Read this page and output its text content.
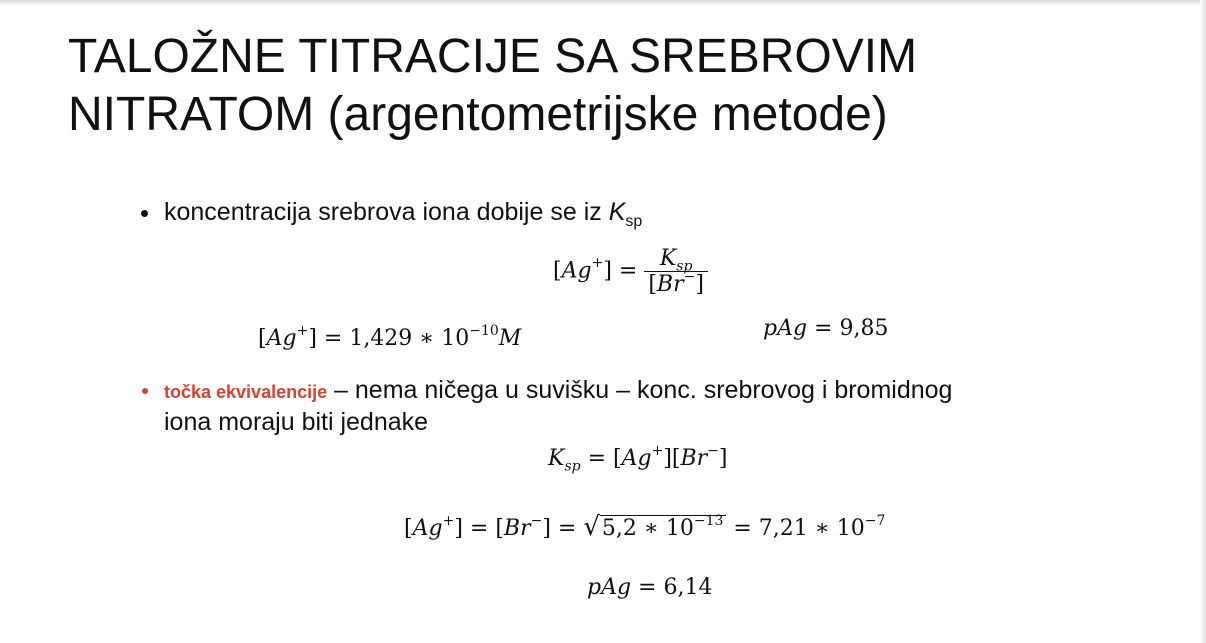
TALOŽNE TITRACIJE SA SREBROVIM
NITRATOM (argentometrijske metode)
koncentracija srebrova iona dobije se iz $K_{sp}$
$[Ag^+] = \frac{K_{sp}}{[Br^-]}$
[Ag+] = 1,429 ∗ $10^{-10}M$	pAg = 9,85
točka ekvivalencije – nema ničega u suvišku – konc. srebrovog i bromidnog
iona moraju biti jednake
$K_{sp} = [Ag^+][Br^-]$
[Ag+] = [Br−] = √5,2 ∗ $10^{-13} = 7,21$ ∗ $10^{-7}$
pAg = 6,14
